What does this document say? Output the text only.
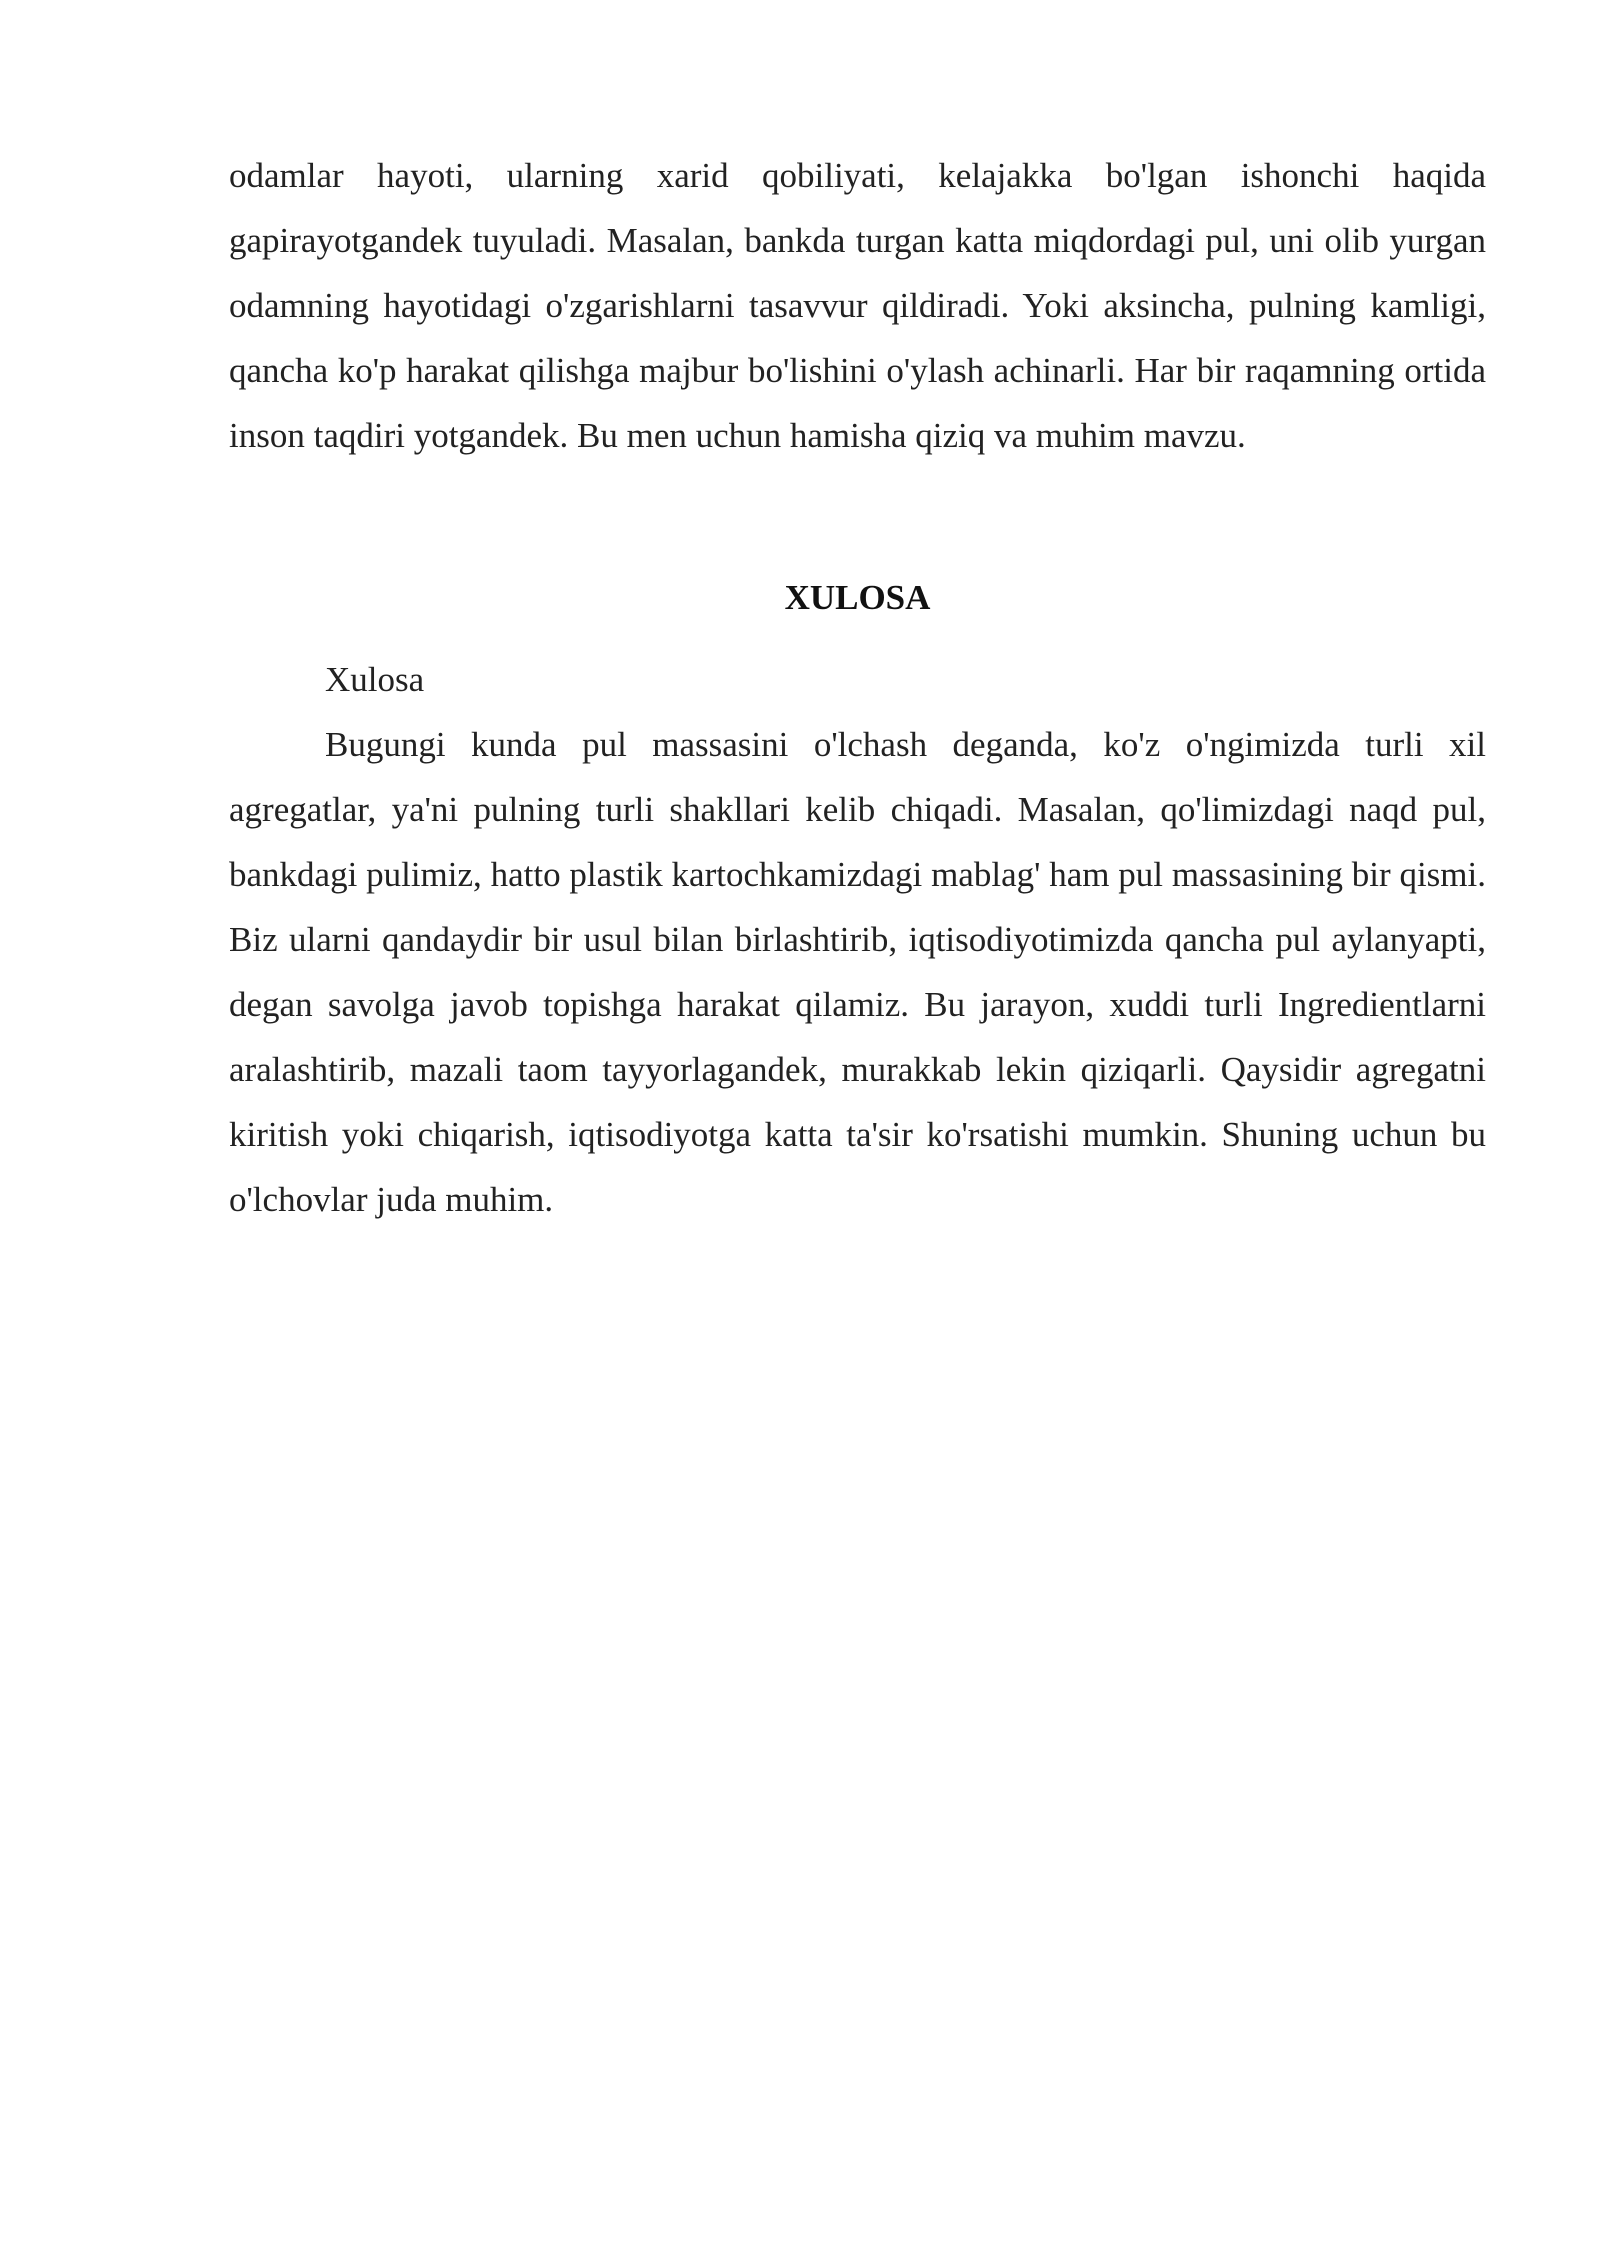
odamlar hayoti, ularning xarid qobiliyati, kelajakka bo'lgan ishonchi haqida gapirayotgandek tuyuladi. Masalan, bankda turgan katta miqdordagi pul, uni olib yurgan odamning hayotidagi o'zgarishlarni tasavvur qildiradi. Yoki aksincha, pulning kamligi, qancha ko'p harakat qilishga majbur bo'lishini o'ylash achinarli. Har bir raqamning ortida inson taqdiri yotgandek. Bu men uchun hamisha qiziq va muhim mavzu.

XULOSA

Xulosa

Bugungi kunda pul massasini o'lchash deganda, ko'z o'ngimizda turli xil agregatlar, ya'ni pulning turli shakllari kelib chiqadi. Masalan, qo'limizdagi naqd pul, bankdagi pulimiz, hatto plastik kartochkamizdagi mablag' ham pul massasining bir qismi. Biz ularni qandaydir bir usul bilan birlashtirib, iqtisodiyotimizda qancha pul aylanyapti, degan savolga javob topishga harakat qilamiz. Bu jarayon, xuddi turli Ingredientlarni aralashtirib, mazali taom tayyorlagandek, murakkab lekin qiziqarli. Qaysidir agregatni kiritish yoki chiqarish, iqtisodiyotga katta ta'sir ko'rsatishi mumkin. Shuning uchun bu o'lchovlar juda muhim.
